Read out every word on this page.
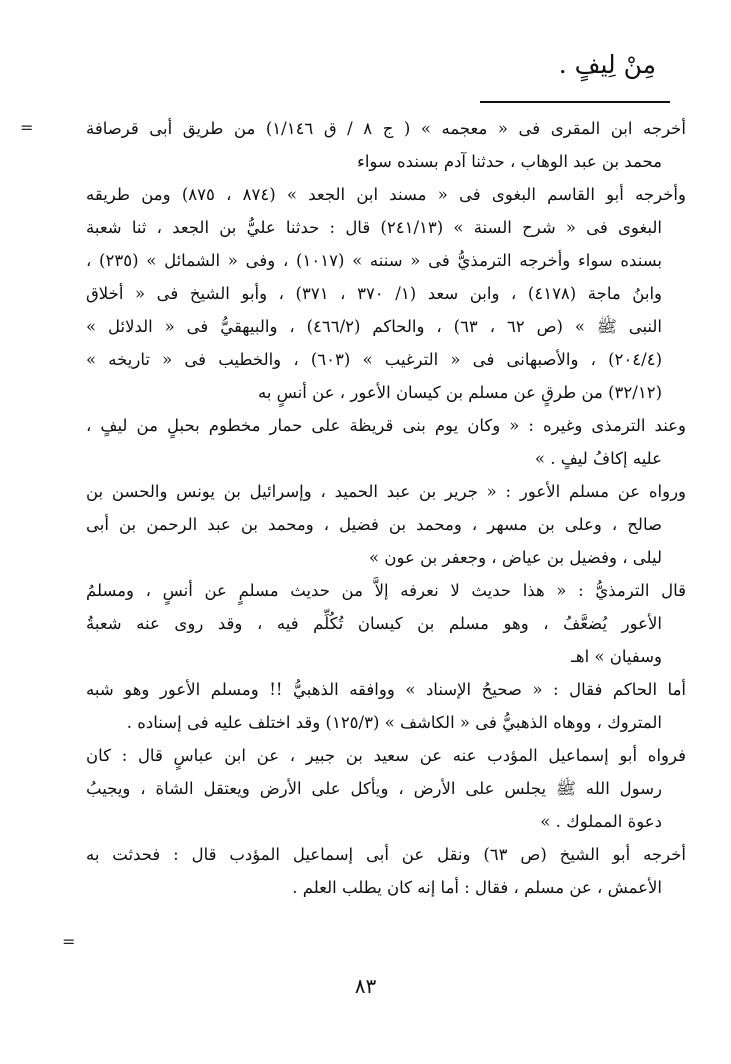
مِنْ لِيفٍ .
=
=
أخرجه ابن المقرى فى « معجمه » ( ج ٨ / ق ١/١٤٦) من طريق أبى قرصافة
محمد بن عبد الوهاب ، حدثنا آدم بسنده سواء
وأخرجه أبو القاسم البغوى فى « مسند ابن الجعد » (٨٧٤ ، ٨٧٥) ومن طريقه
البغوى فى « شرح السنة » (٢٤١/١٣) قال : حدثنا عليُّ بن الجعد ، ثنا شعبة
بسنده سواء وأخرجه الترمذيُّ فى « سننه » (١٠١٧) ، وفى « الشمائل » (٢٣٥) ،
وابنُ ماجة (٤١٧٨) ، وابن سعد (١/ ٣٧٠ ، ٣٧١) ، وأبو الشيخ فى « أخلاق
النبى ﷺ » (ص ٦٢ ، ٦٣) ، والحاكم (٤٦٦/٢) ، والبيهقيُّ فى « الدلائل »
(٢٠٤/٤) ، والأصبهانى فى « الترغيب » (٦٠٣) ، والخطيب فى « تاريخه »
(٣٢/١٢) من طرقٍ عن مسلم بن كيسان الأعور ، عن أنسٍ به
وعند الترمذى وغيره : « وكان يوم بنى قريظة على حمار مخطوم بحبلٍ من ليفٍ ،
عليه إكافُ ليفٍ . »
ورواه عن مسلم الأعور : « جرير بن عبد الحميد ، وإسرائيل بن يونس والحسن بن
صالح ، وعلى بن مسهر ، ومحمد بن فضيل ، ومحمد بن عبد الرحمن بن أبى
ليلى ، وفضيل بن عياض ، وجعفر بن عون »
قال الترمذيُّ : « هذا حديث لا نعرفه إلاَّ من حديث مسلمٍ عن أنسٍ ، ومسلمُ
الأعور يُضعَّفُ ، وهو مسلم بن كيسان تُكُلِّم فيه ، وقد روى عنه شعبةُ
وسفيان » اهـ
أما الحاكم فقال : « صحيحُ الإسناد » ووافقه الذهبيُّ !! ومسلم الأعور وهو شبه
المتروك ، ووهاه الذهبيُّ فى « الكاشف » (١٢٥/٣) وقد اختلف عليه فى إسناده .
فرواه أبو إسماعيل المؤدب عنه عن سعيد بن جبير ، عن ابن عباسٍ قال : كان
رسول الله ﷺ يجلس على الأرض ، ويأكل على الأرض ويعتقل الشاة ، ويجيبُ
دعوة المملوك . »
أخرجه أبو الشيخ (ص ٦٣) ونقل عن أبى إسماعيل المؤدب قال : فحدثت به
الأعمش ، عن مسلم ، فقال : أما إنه كان يطلب العلم .
٨٣
